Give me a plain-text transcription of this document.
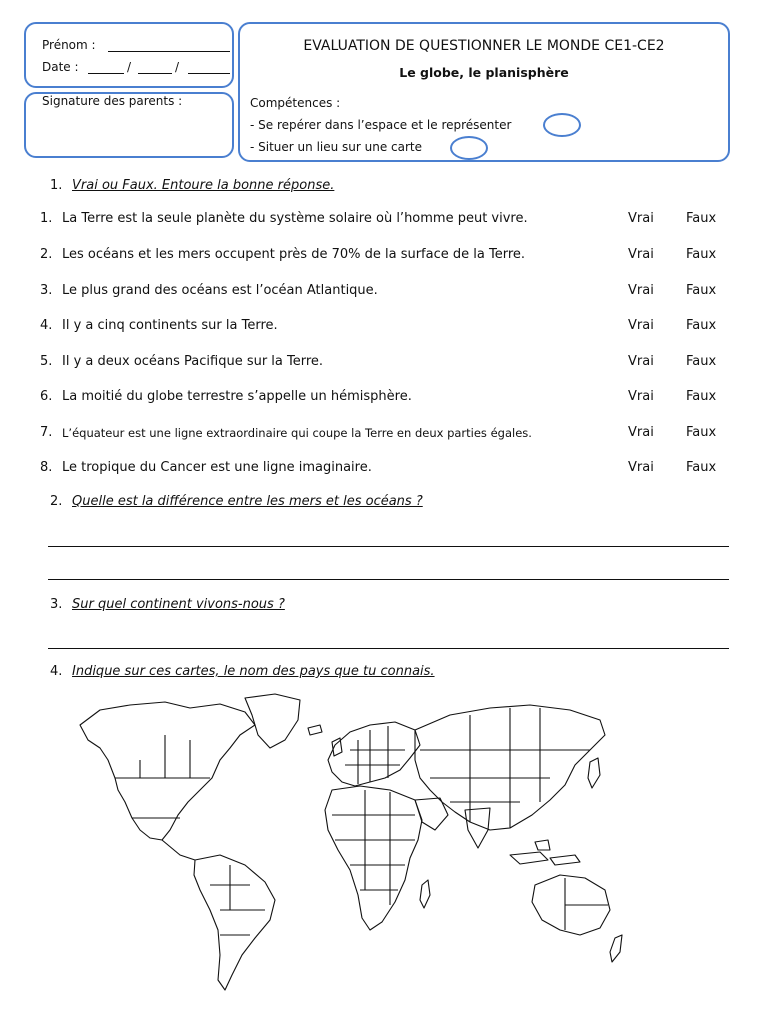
Prénom :
Date :	/	/
Signature des parents :
EVALUATION DE QUESTIONNER LE MONDE CE1-CE2
Le globe, le planisphère
Compétences :
- Se repérer dans l’espace et le représenter
- Situer un lieu sur une carte
1. Vrai ou Faux. Entoure la bonne réponse.
1. La Terre est la seule planète du système solaire où l’homme peut vivre.	Vrai Faux
2. Les océans et les mers occupent près de 70% de la surface de la Terre.	Vrai Faux
3. Le plus grand des océans est l’océan Atlantique.	Vrai Faux
4. Il y a cinq continents sur la Terre.	Vrai Faux
5. Il y a deux océans Pacifique sur la Terre.	Vrai Faux
6. La moitié du globe terrestre s’appelle un hémisphère.	Vrai Faux
7. L’équateur est une ligne extraordinaire qui coupe la Terre en deux parties égales.	Vrai Faux
8. Le tropique du Cancer est une ligne imaginaire.	Vrai Faux
2. Quelle est la différence entre les mers et les océans ?
3. Sur quel continent vivons-nous ?
4. Indique sur ces cartes, le nom des pays que tu connais.
